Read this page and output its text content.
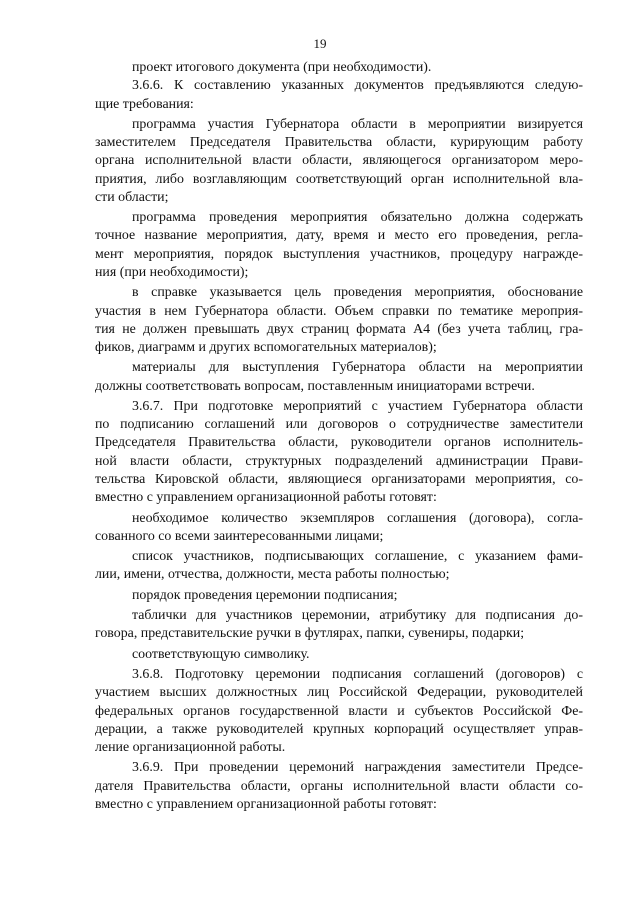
19

проект итогового документа (при необходимости).

3.6.6. К составлению указанных документов предъявляются следую-

щие требования:

программа участия Губернатора области в мероприятии визируется

заместителем Председателя Правительства области, курирующим работу

органа исполнительной власти области, являющегося организатором меро-

приятия, либо возглавляющим соответствующий орган исполнительной вла-

сти области;

программа проведения мероприятия обязательно должна содержать

точное название мероприятия, дату, время и место его проведения, регла-

мент мероприятия, порядок выступления участников, процедуру награжде-

ния (при необходимости);

в справке указывается цель проведения мероприятия, обоснование

участия в нем Губернатора области. Объем справки по тематике мероприя-

тия не должен превышать двух страниц формата А4 (без учета таблиц, гра-

фиков, диаграмм и других вспомогательных материалов);

материалы для выступления Губернатора области на мероприятии

должны соответствовать вопросам, поставленным инициаторами встречи.

3.6.7. При подготовке мероприятий с участием Губернатора области

по подписанию соглашений или договоров о сотрудничестве заместители

Председателя Правительства области, руководители органов исполнитель-

ной власти области, структурных подразделений администрации Прави-

тельства Кировской области, являющиеся организаторами мероприятия, со-

вместно с управлением организационной работы готовят:

необходимое количество экземпляров соглашения (договора), согла-

сованного со всеми заинтересованными лицами;

список участников, подписывающих соглашение, с указанием фами-

лии, имени, отчества, должности, места работы полностью;

порядок проведения церемонии подписания;

таблички для участников церемонии, атрибутику для подписания до-

говора, представительские ручки в футлярах, папки, сувениры, подарки;

соответствующую символику.

3.6.8. Подготовку церемонии подписания соглашений (договоров) с

участием высших должностных лиц Российской Федерации, руководителей

федеральных органов государственной власти и субъектов Российской Фе-

дерации, а также руководителей крупных корпораций осуществляет управ-

ление организационной работы.

3.6.9. При проведении церемоний награждения заместители Предсе-

дателя Правительства области, органы исполнительной власти области со-

вместно с управлением организационной работы готовят:
